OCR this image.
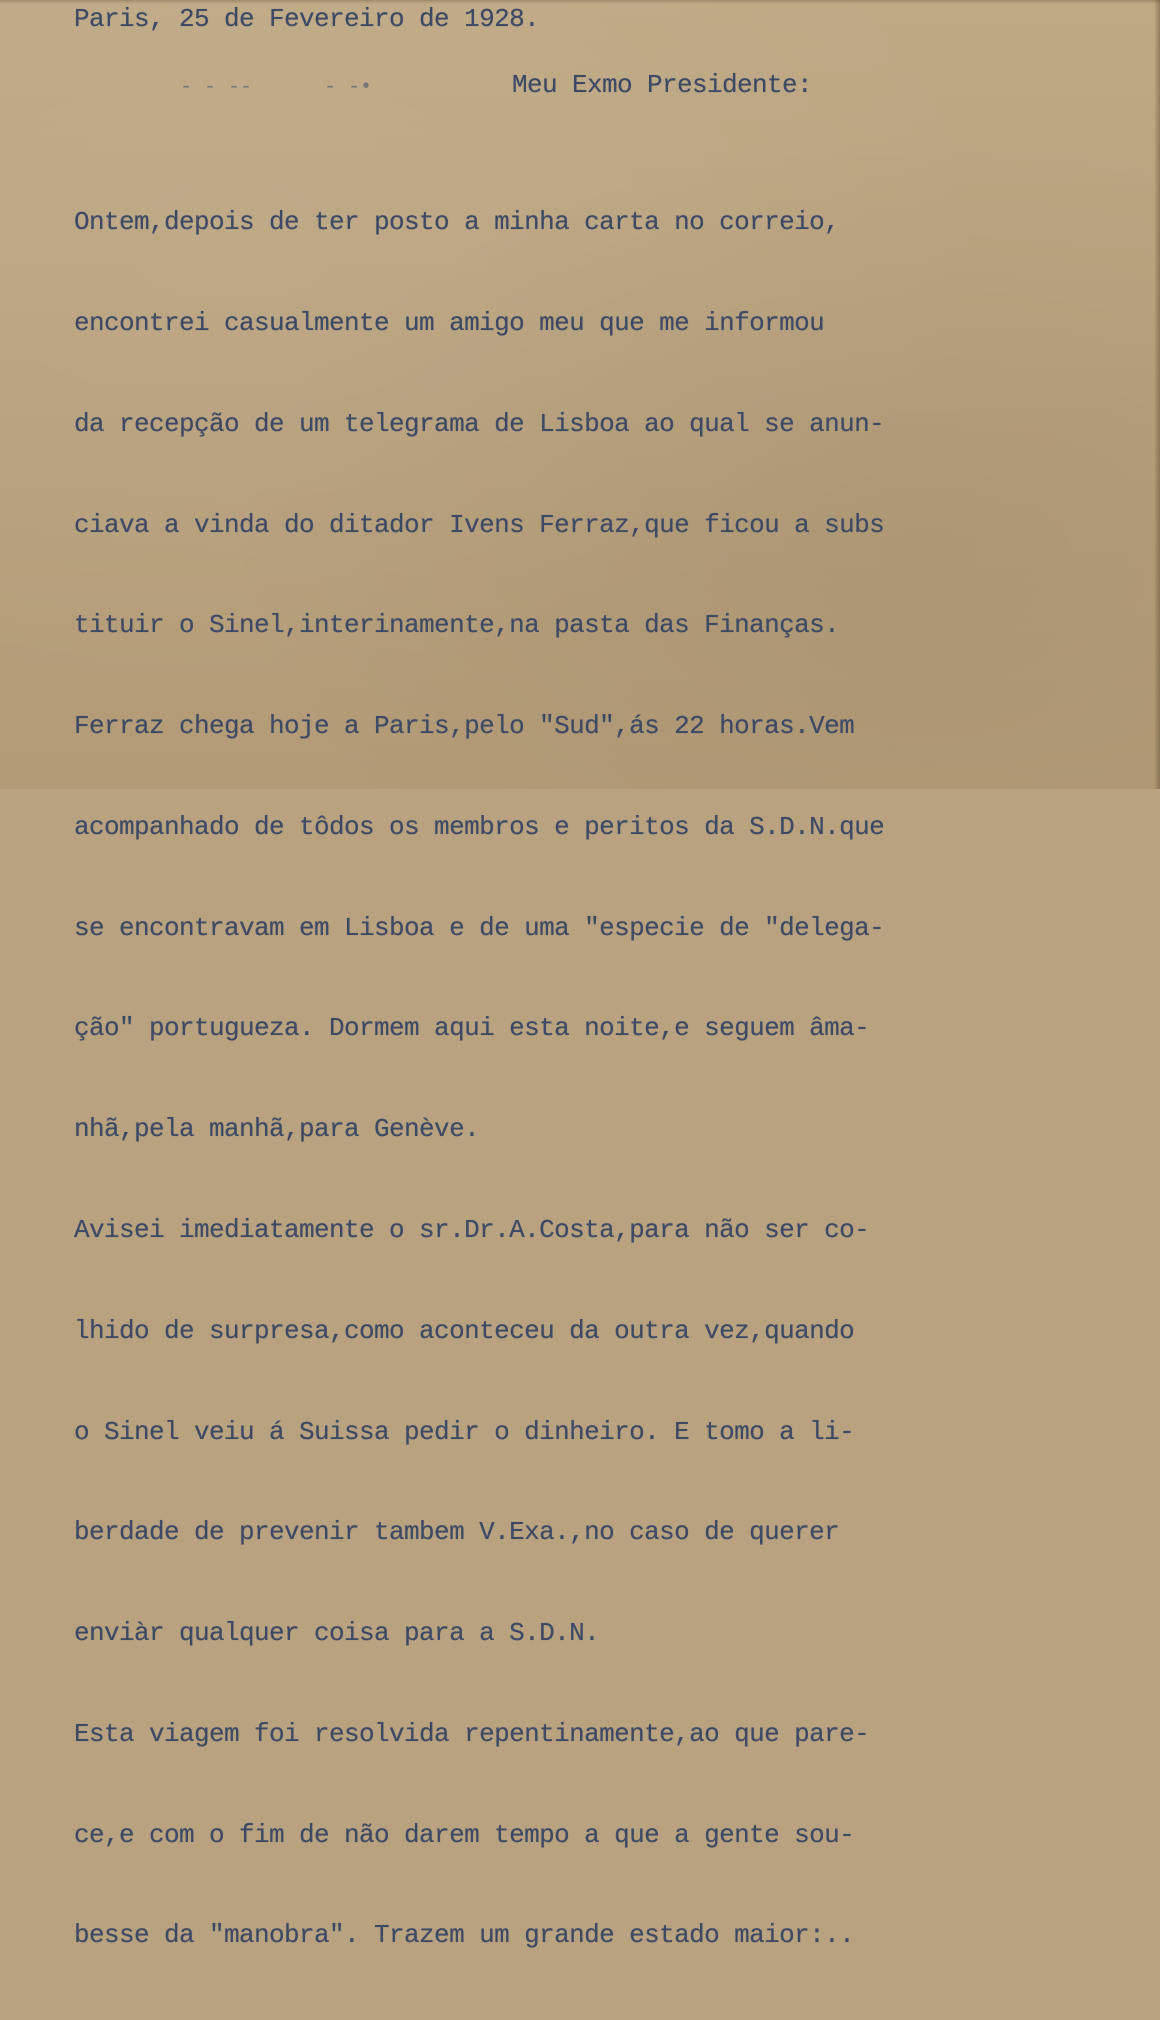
Paris, 25 de Fevereiro de 1928.

- - --      - -•	Meu Exmo Presidente:

Ontem,depois de ter posto a minha carta no correio,

encontrei casualmente um amigo meu que me informou

da recepção de um telegrama de Lisboa ao qual se anun-

ciava a vinda do ditador Ivens Ferraz,que ficou a subs

tituir o Sinel,interinamente,na pasta das Finanças.

Ferraz chega hoje a Paris,pelo "Sud",ás 22 horas.Vem

acompanhado de tôdos os membros e peritos da S.D.N.que

se encontravam em Lisboa e de uma "especie de "delega-

ção" portugueza. Dormem aqui esta noite,e seguem âma-

nhã,pela manhã,para Genève.

Avisei imediatamente o sr.Dr.A.Costa,para não ser co-

lhido de surpresa,como aconteceu da outra vez,quando

o Sinel veiu á Suissa pedir o dinheiro. E tomo a li-

berdade de prevenir tambem V.Exa.,no caso de querer

enviàr qualquer coisa para a S.D.N.

Esta viagem foi resolvida repentinamente,ao que pare-

ce,e com o fim de não darem tempo a que a gente sou-

besse da "manobra". Trazem um grande estado maior:..
